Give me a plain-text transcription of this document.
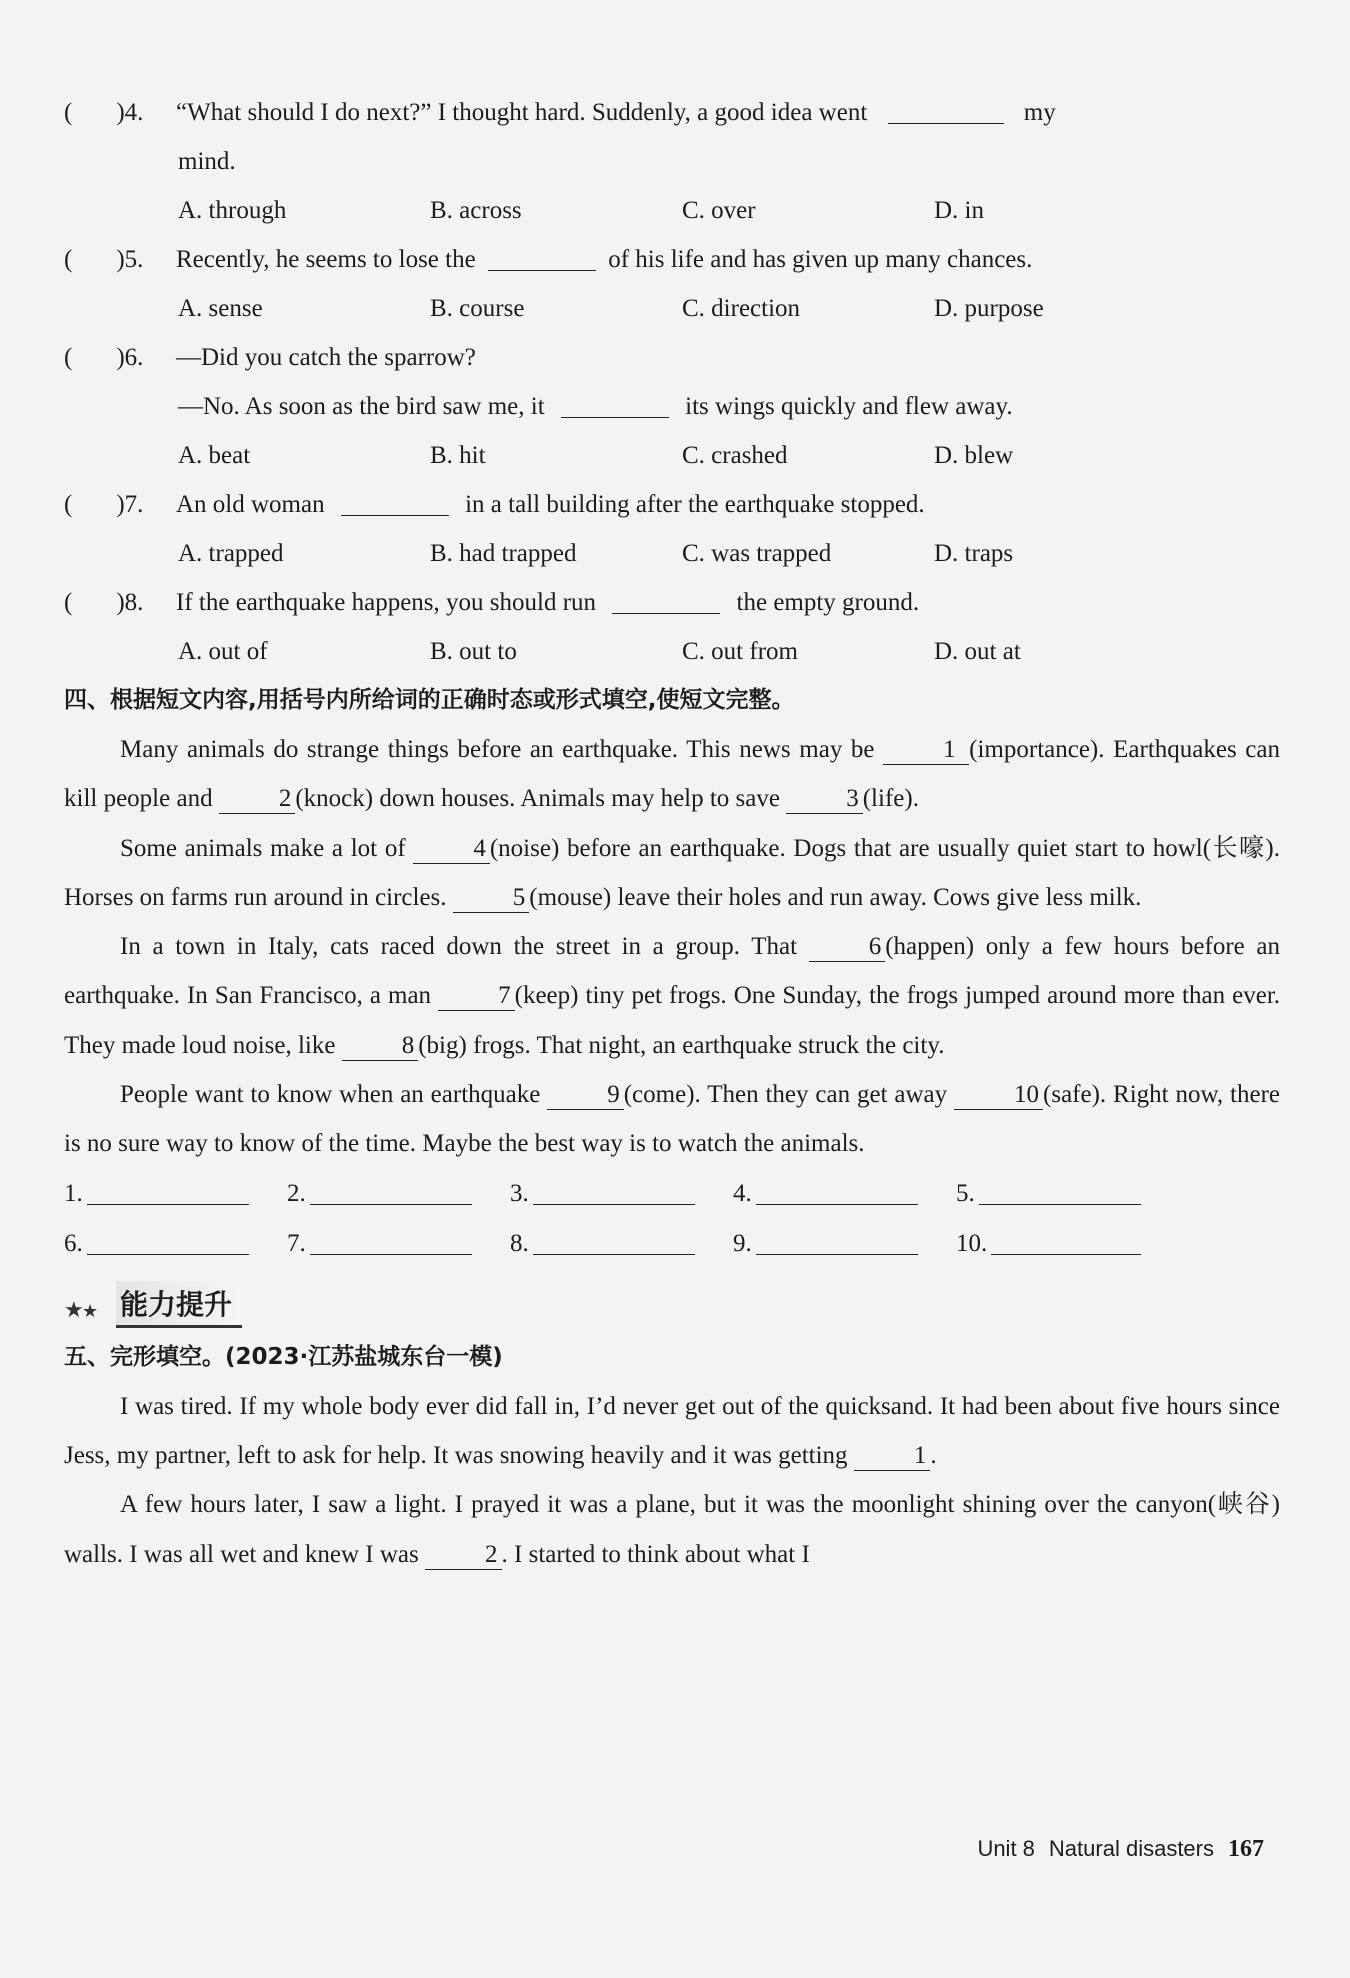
( )4. “What should I do next?” I thought hard. Suddenly, a good idea went	my
mind.
A. through	B. across	C. over	D. in
( )5. Recently, he seems to lose the	of his life and has given up many chances.
A. sense	B. course	C. direction	D. purpose
( )6. —Did you catch the sparrow?
—No. As soon as the bird saw me, it	its wings quickly and flew away.
A. beat	B. hit	C. crashed	D. blew
( )7. An old woman	in a tall building after the earthquake stopped.
A. trapped	B. had trapped	C. was trapped	D. traps
( )8. If the earthquake happens, you should run	the empty ground.
A. out of	B. out to	C. out from	D. out at
四、根据短文内容,用括号内所给词的正确时态或形式填空,使短文完整。
Many animals do strange things before an earthquake. This news may be	1 (importance). Earthquakes can kill people and	2 (knock) down houses. Animals may help to save	3 (life).
Some animals make a lot of	4 (noise) before an earthquake. Dogs that are usually quiet start to howl(长嚎). Horses on farms run around in circles.	5 (mouse) leave their holes and run away. Cows give less milk.
In a town in Italy, cats raced down the street in a group. That	6 (happen) only a few hours before an earthquake. In San Francisco, a man	7 (keep) tiny pet frogs. One Sunday, the frogs jumped around more than ever. They made loud noise, like	8 (big) frogs. That night, an earthquake struck the city.
People want to know when an earthquake	9 (come). Then they can get away	10 (safe). Right now, there is no sure way to know of the time. Maybe the best way is to watch the animals.
1.	2.	3.	4.	5.
6.	7.	8.	9.	10.
★
★ 能力提升
五、完形填空。(2023·江苏盐城东台一模)
I was tired. If my whole body ever did fall in, I’d never get out of the quicksand. It had been about five hours since Jess, my partner, left to ask for help. It was snowing heavily and it was getting	1 .
A few hours later, I saw a light. I prayed it was a plane, but it was the moonlight shining over the canyon(峡谷) walls. I was all wet and knew I was	2 . I started to think about what I
Unit 8 Natural disasters 167
